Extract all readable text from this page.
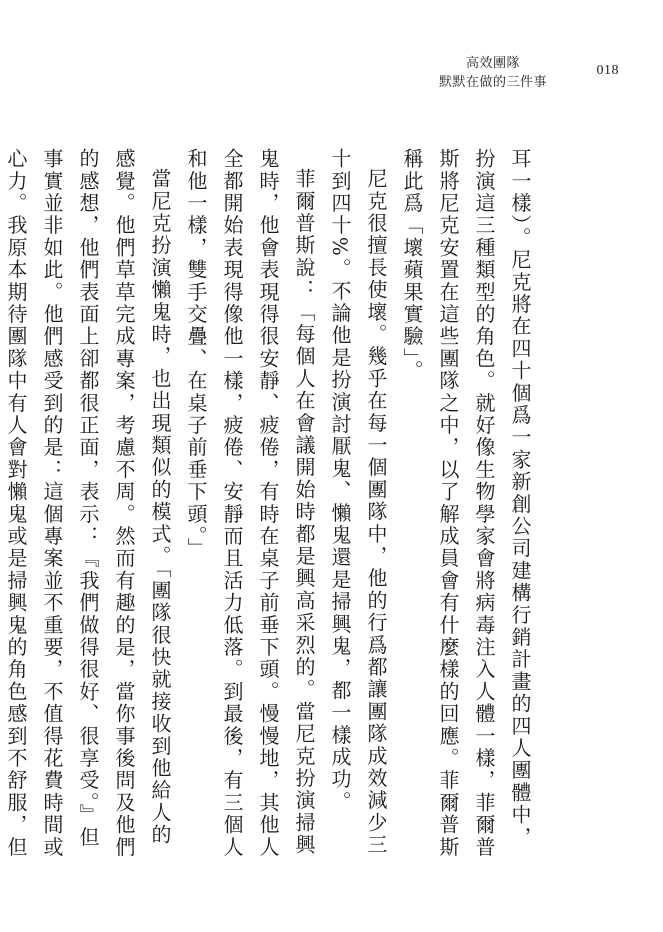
高效團隊
默默在做的三件事
018

耳一樣）。尼克將在四十個爲一家新創公司建構行銷計畫的四人團體中，扮演這三種類型的角色。就好像生物學家會將病毒注入人體一樣，菲爾普斯將尼克安置在這些團隊之中，以了解成員會有什麼樣的回應。菲爾普斯稱此爲「壞蘋果實驗」。

尼克很擅長使壞。幾乎在每一個團隊中，他的行爲都讓團隊成效減少三十到四十%。不論他是扮演討厭鬼、懶鬼還是掃興鬼，都一樣成功。

菲爾普斯說：「每個人在會議開始時都是興高采烈的。當尼克扮演掃興鬼時，他會表現得很安靜、疲倦，有時在桌子前垂下頭。慢慢地，其他人全都開始表現得像他一樣，疲倦、安靜而且活力低落。到最後，有三個人和他一樣，雙手交疊、在桌子前垂下頭。」

當尼克扮演懶鬼時，也出現類似的模式。「團隊很快就接收到他給人的感覺。他們草草完成專案，考慮不周。然而有趣的是，當你事後問及他們的感想，他們表面上卻都很正面，表示：『我們做得很好、很享受。』但事實並非如此。他們感受到的是：這個專案並不重要，不值得花費時間或心力。我原本期待團隊中有人會對懶鬼或是掃興鬼的角色感到不舒服，但
